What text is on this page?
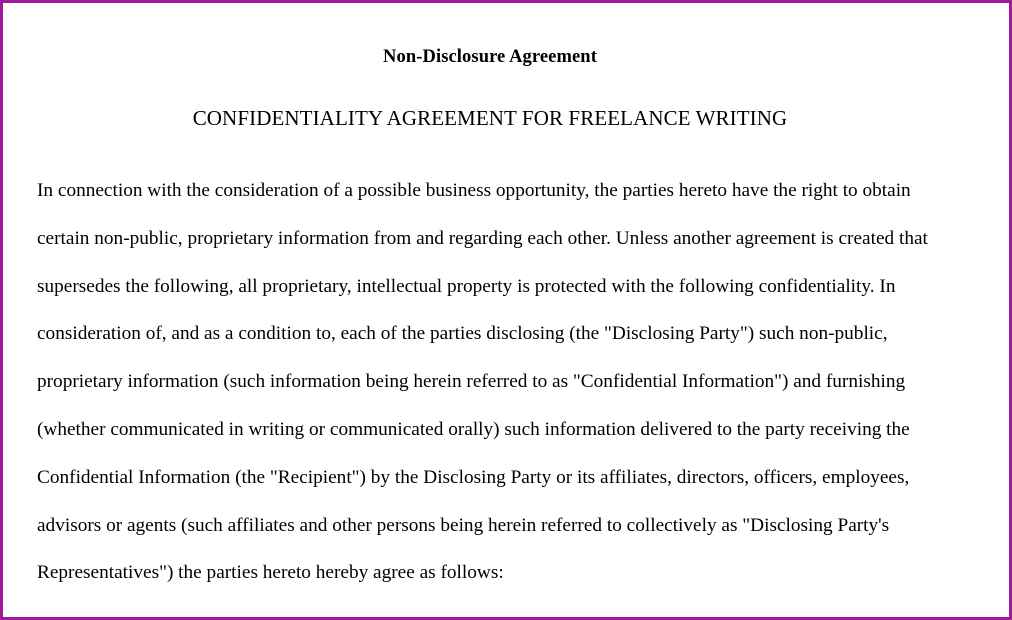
Non-Disclosure Agreement
CONFIDENTIALITY AGREEMENT FOR FREELANCE WRITING

In connection with the consideration of a possible business opportunity, the parties hereto have the right to obtain certain non-public, proprietary information from and regarding each other. Unless another agreement is created that supersedes the following, all proprietary, intellectual property is protected with the following confidentiality. In consideration of, and as a condition to, each of the parties disclosing (the "Disclosing Party") such non-public, proprietary information (such information being herein referred to as "Confidential Information") and furnishing (whether communicated in writing or communicated orally) such information delivered to the party receiving the Confidential Information (the "Recipient") by the Disclosing Party or its affiliates, directors, officers, employees, advisors or agents (such affiliates and other persons being herein referred to collectively as "Disclosing Party's Representatives") the parties hereto hereby agree as follows:
